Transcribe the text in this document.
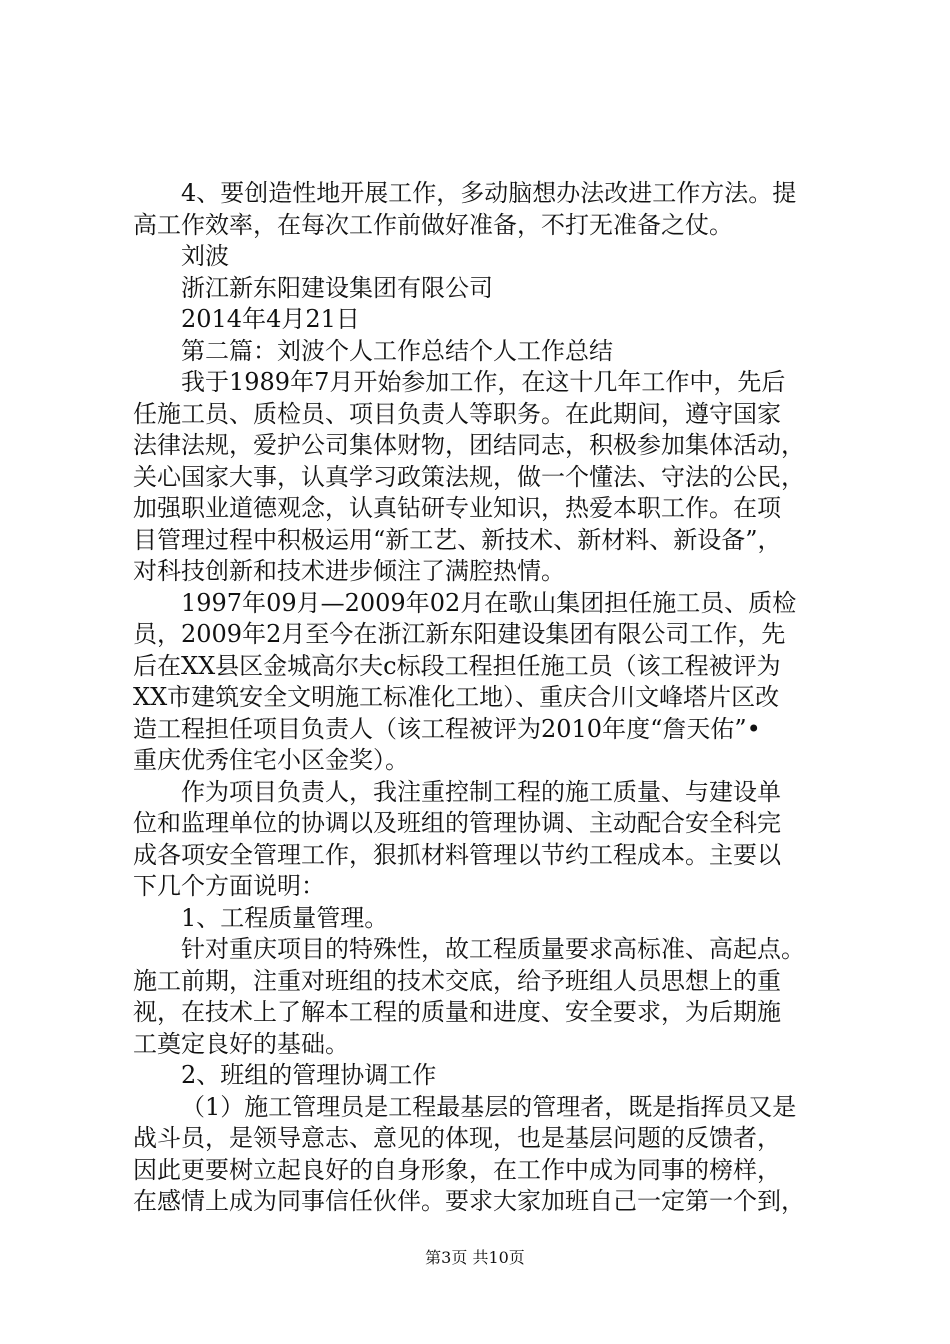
4、要创造性地开展工作，多动脑想办法改进工作方法。提
高工作效率，在每次工作前做好准备，不打无准备之仗。
刘波
浙江新东阳建设集团有限公司
2014年4月21日
第二篇：刘波个人工作总结个人工作总结
我于1989年7月开始参加工作，在这十几年工作中，先后
任施工员、质检员、项目负责人等职务。在此期间，遵守国家
法律法规，爱护公司集体财物，团结同志，积极参加集体活动，
关心国家大事，认真学习政策法规，做一个懂法、守法的公民，
加强职业道德观念，认真钻研专业知识，热爱本职工作。在项
目管理过程中积极运用“新工艺、新技术、新材料、新设备”，
对科技创新和技术进步倾注了满腔热情。
1997年09月—2009年02月在歌山集团担任施工员、质检
员，2009年2月至今在浙江新东阳建设集团有限公司工作，先
后在XX县区金城高尔夫c标段工程担任施工员（该工程被评为
XX市建筑安全文明施工标准化工地）、重庆合川文峰塔片区改
造工程担任项目负责人（该工程被评为2010年度“詹天佑”•
重庆优秀住宅小区金奖）。
作为项目负责人，我注重控制工程的施工质量、与建设单
位和监理单位的协调以及班组的管理协调、主动配合安全科完
成各项安全管理工作，狠抓材料管理以节约工程成本。主要以
下几个方面说明：
1、工程质量管理。
针对重庆项目的特殊性，故工程质量要求高标准、高起点。
施工前期，注重对班组的技术交底，给予班组人员思想上的重
视，在技术上了解本工程的质量和进度、安全要求，为后期施
工奠定良好的基础。
2、班组的管理协调工作
（1）施工管理员是工程最基层的管理者，既是指挥员又是
战斗员，是领导意志、意见的体现，也是基层问题的反馈者，
因此更要树立起良好的自身形象，在工作中成为同事的榜样，
在感情上成为同事信任伙伴。要求大家加班自己一定第一个到，
第3页 共10页
